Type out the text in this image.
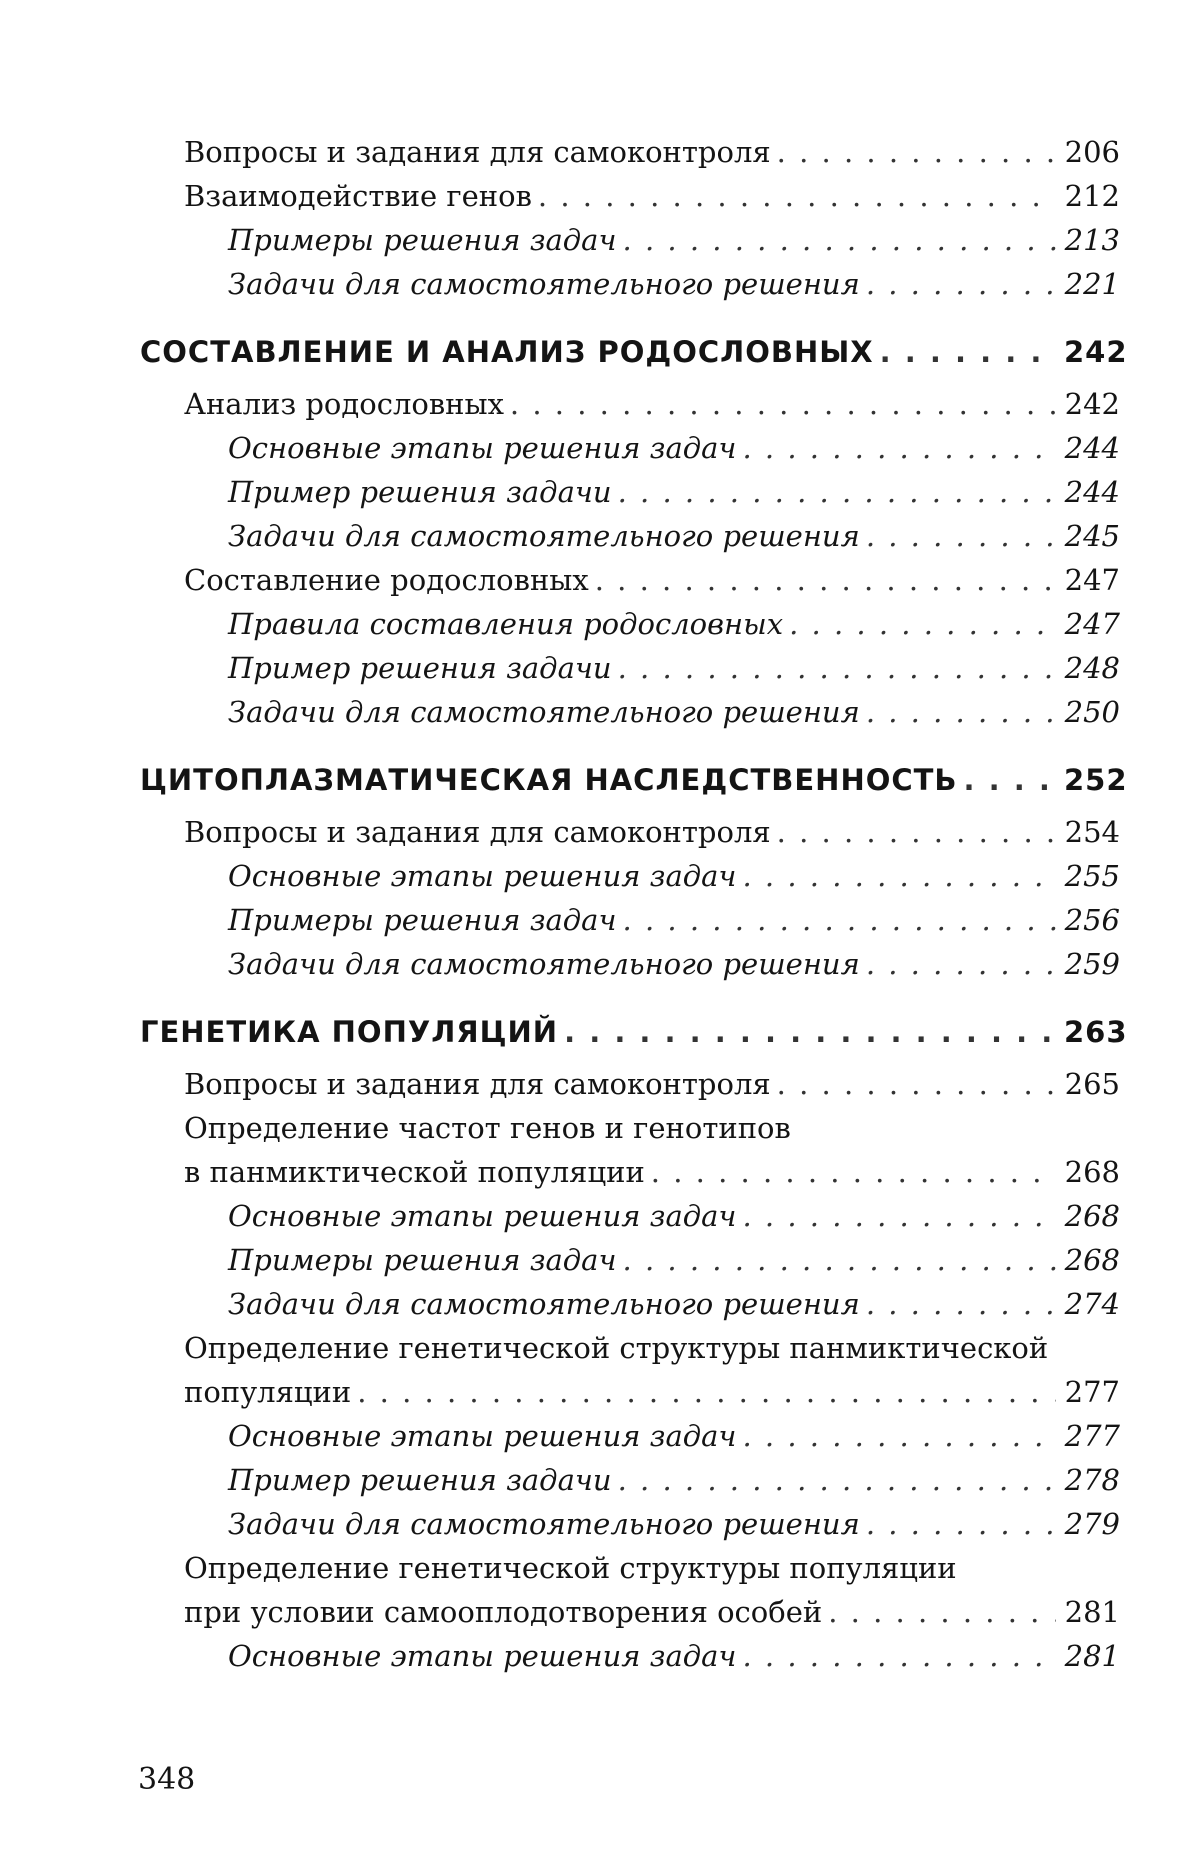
Вопросы и задания для самоконтроля . . .	206
Взаимодействие генов . . .	212
Примеры решения задач . . .	213
Задачи для самостоятельного решения . . .	221
СОСТАВЛЕНИЕ И АНАЛИЗ РОДОСЛОВНЫХ . . .	242
Анализ родословных . . .	242
Основные этапы решения задач . . .	244
Пример решения задачи . . .	244
Задачи для самостоятельного решения . . .	245
Составление родословных . . .	247
Правила составления родословных . . .	247
Пример решения задачи . . .	248
Задачи для самостоятельного решения . . .	250
ЦИТОПЛАЗМАТИЧЕСКАЯ НАСЛЕДСТВЕННОСТЬ . . .	252
Вопросы и задания для самоконтроля . . .	254
Основные этапы решения задач . . .	255
Примеры решения задач . . .	256
Задачи для самостоятельного решения . . .	259
ГЕНЕТИКА ПОПУЛЯЦИЙ . . .	263
Вопросы и задания для самоконтроля . . .	265
Определение частот генов и генотипов
в панмиктической популяции . . .	268
Основные этапы решения задач . . .	268
Примеры решения задач . . .	268
Задачи для самостоятельного решения . . .	274
Определение генетической структуры панмиктической
популяции . . .	277
Основные этапы решения задач . . .	277
Пример решения задачи . . .	278
Задачи для самостоятельного решения . . .	279
Определение генетической структуры популяции
при условии самооплодотворения особей . . .	281
Основные этапы решения задач . . .	281
348
